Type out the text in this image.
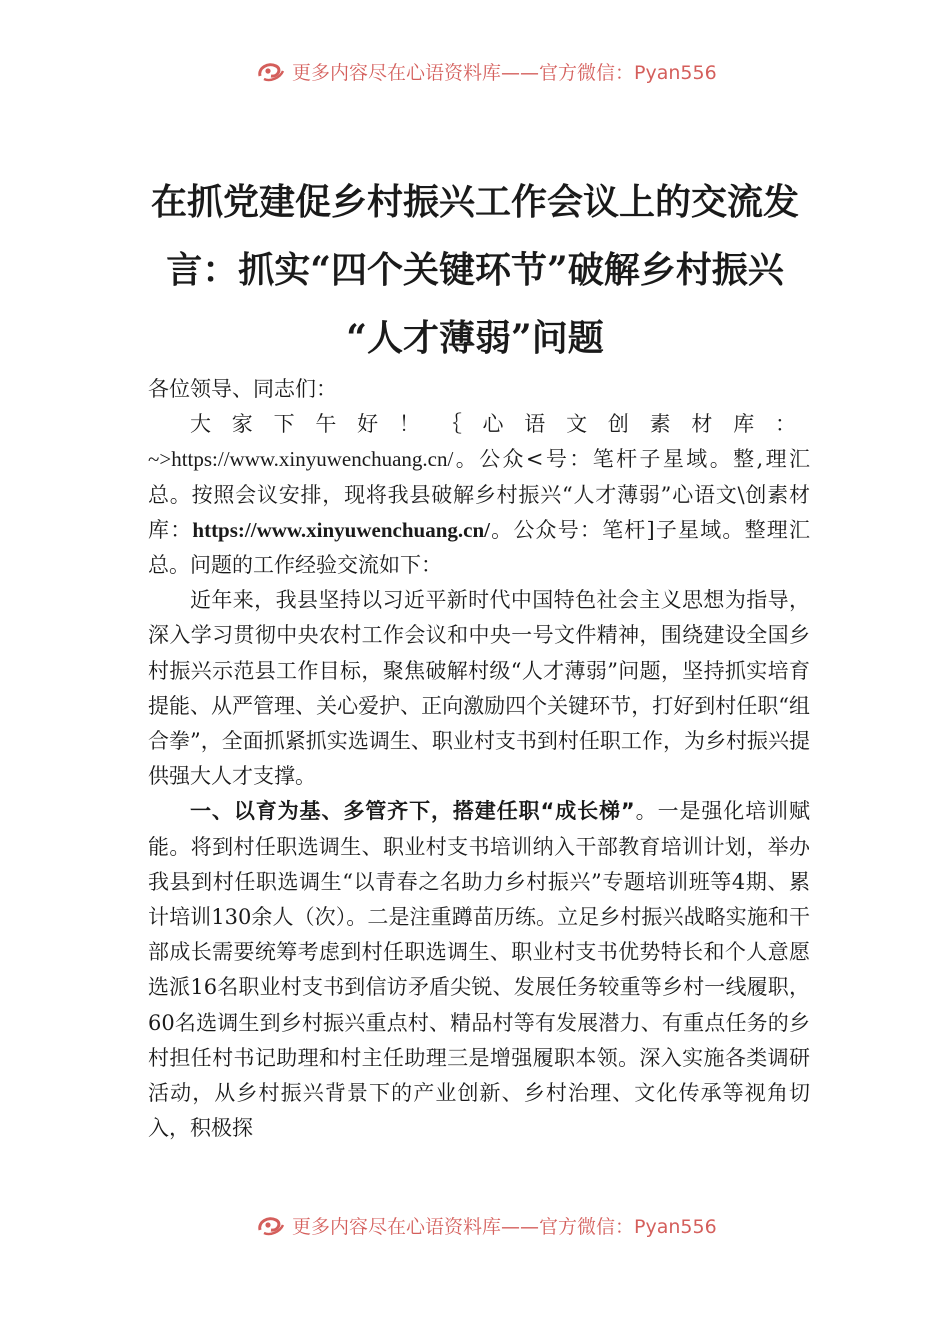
更多内容尽在心语资料库——官方微信：Pyan556
在抓党建促乡村振兴工作会议上的交流发
言：抓实“四个关键环节”破解乡村振兴
“人才薄弱”问题

各位领导、同志们：

大家下午好！｛心语文创素材库：~>https://www.xinyuwenchuang.cn/。公众<号：笔杆子星域。整,理汇总。按照会议安排，现将我县破解乡村振兴“人才薄弱”心语文\创素材库：https://www.xinyuwenchuang.cn/。公众号：笔杆]子星域。整理汇总。问题的工作经验交流如下：

近年来，我县坚持以习近平新时代中国特色社会主义思想为指导，深入学习贯彻中央农村工作会议和中央一号文件精神，围绕建设全国乡村振兴示范县工作目标，聚焦破解村级“人才薄弱”问题，坚持抓实培育提能、从严管理、关心爱护、正向激励四个关键环节，打好到村任职“组合拳”，全面抓紧抓实选调生、职业村支书到村任职工作，为乡村振兴提供强大人才支撑。

一、以育为基、多管齐下，搭建任职“成长梯”。一是强化培训赋能。将到村任职选调生、职业村支书培训纳入干部教育培训计划，举办我县到村任职选调生“以青春之名助力乡村振兴”专题培训班等4期、累计培训130余人（次）。二是注重蹲苗历练。立足乡村振兴战略实施和干部成长需要统筹考虑到村任职选调生、职业村支书优势特长和个人意愿选派16名职业村支书到信访矛盾尖锐、发展任务较重等乡村一线履职，60名选调生到乡村振兴重点村、精品村等有发展潜力、有重点任务的乡村担任村书记助理和村主任助理三是增强履职本领。深入实施各类调研活动，从乡村振兴背景下的产业创新、乡村治理、文化传承等视角切入，积极探

更多内容尽在心语资料库——官方微信：Pyan556
